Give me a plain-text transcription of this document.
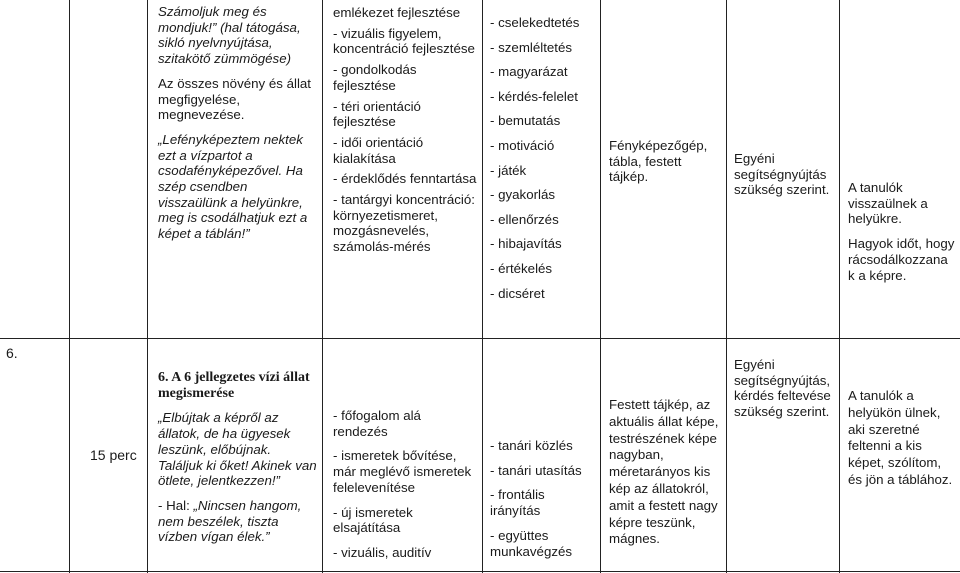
Számoljuk meg és mondjuk!” (hal tátogása, sikló nyelvnyújtása, szitakötő zümmögése)
Az összes növény és állat megfigyelése, megnevezése.
„Lefényképeztem nektek ezt a vízpartot a csodafényképezővel. Ha szép csendben visszaülünk a helyünkre, meg is csodálhatjuk ezt a képet a táblán!”
emlékezet fejlesztése
- vizuális figyelem, koncentráció fejlesztése
- gondolkodás fejlesztése
- téri orientáció fejlesztése
- idői orientáció kialakítása
- érdeklődés fenntartása
- tantárgyi koncentráció: környezetismeret, mozgásnevelés, számolás-mérés
- cselekedtetés
- szemléltetés
- magyarázat
- kérdés-felelet
- bemutatás
- motiváció
- játék
- gyakorlás
- ellenőrzés
- hibajavítás
- értékelés
- dicséret
Fényképezőgép, tábla, festett tájkép.
Egyéni segítségnyújtás szükség szerint.	A tanulók visszaülnek a helyükre.
Hagyok időt, hogy rácsodálkozzana k a képre.
6.
15 perc
6. A 6 jellegzetes vízi állat megismerése
„Elbújtak a képről az állatok, de ha ügyesek leszünk, előbújnak. Találjuk ki őket! Akinek van ötlete, jelentkezzen!”
- Hal: „Nincsen hangom, nem beszélek, tiszta vízben vígan élek.”
- főfogalom alá rendezés
- ismeretek bővítése, már meglévő ismeretek felelevenítése
- új ismeretek elsajátítása
- vizuális, auditív
- tanári közlés
- tanári utasítás
- frontális irányítás
- együttes munkavégzés
Festett tájkép, az aktuális állat képe, testrészének képe nagyban, méretarányos kis kép az állatokról, amit a festett nagy képre teszünk, mágnes.
Egyéni segítségnyújtás, kérdés feltevése szükség szerint.
A tanulók a helyükön ülnek, aki szeretné feltenni a kis képet, szólítom, és jön a táblához.
